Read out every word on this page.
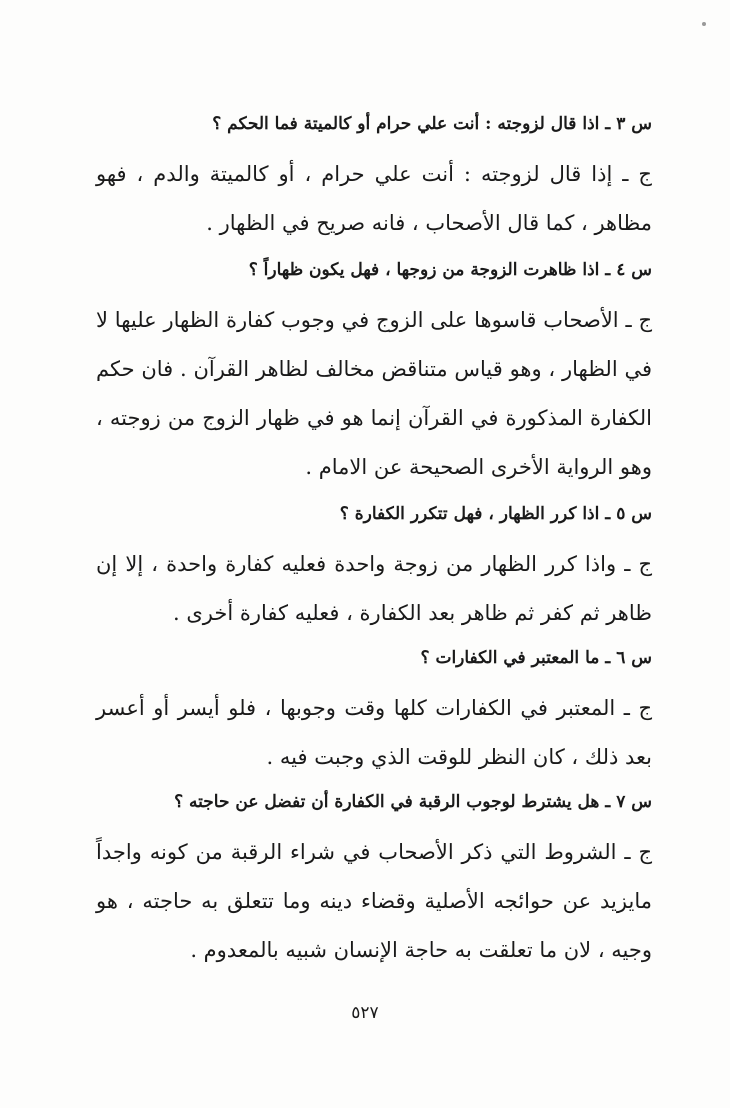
س ٣ ـ اذا قال لزوجته : أنت علي حرام أو كالميتة فما الحكم ؟
ج ـ إذا قال لزوجته : أنت علي حرام ، أو كالميتة والدم ، فهو مظاهر ، كما قال الأصحاب ، فانه صريح في الظهار .
س ٤ ـ اذا ظاهرت الزوجة من زوجها ، فهل يكون ظهاراً ؟
ج ـ الأصحاب قاسوها على الزوج في وجوب كفارة الظهار عليها لا في الظهار ، وهو قياس متناقض مخالف لظاهر القرآن . فان حكم الكفارة المذكورة في القرآن إنما هو في ظهار الزوج من زوجته ، وهو الرواية الأخرى الصحيحة عن الامام .
س ٥ ـ اذا كرر الظهار ، فهل تتكرر الكفارة ؟
ج ـ واذا كرر الظهار من زوجة واحدة فعليه كفارة واحدة ، إلا إن ظاهر ثم كفر ثم ظاهر بعد الكفارة ، فعليه كفارة أخرى .
س ٦ ـ ما المعتبر في الكفارات ؟
ج ـ المعتبر في الكفارات كلها وقت وجوبها ، فلو أيسر أو أعسر بعد ذلك ، كان النظر للوقت الذي وجبت فيه .
س ٧ ـ هل يشترط لوجوب الرقبة في الكفارة أن تفضل عن حاجته ؟
ج ـ الشروط التي ذكر الأصحاب في شراء الرقبة من كونه واجداً مايزيد عن حوائجه الأصلية وقضاء دينه وما تتعلق به حاجته ، هو وجيه ، لان ما تعلقت به حاجة الإنسان شبيه بالمعدوم .
٥٢٧
